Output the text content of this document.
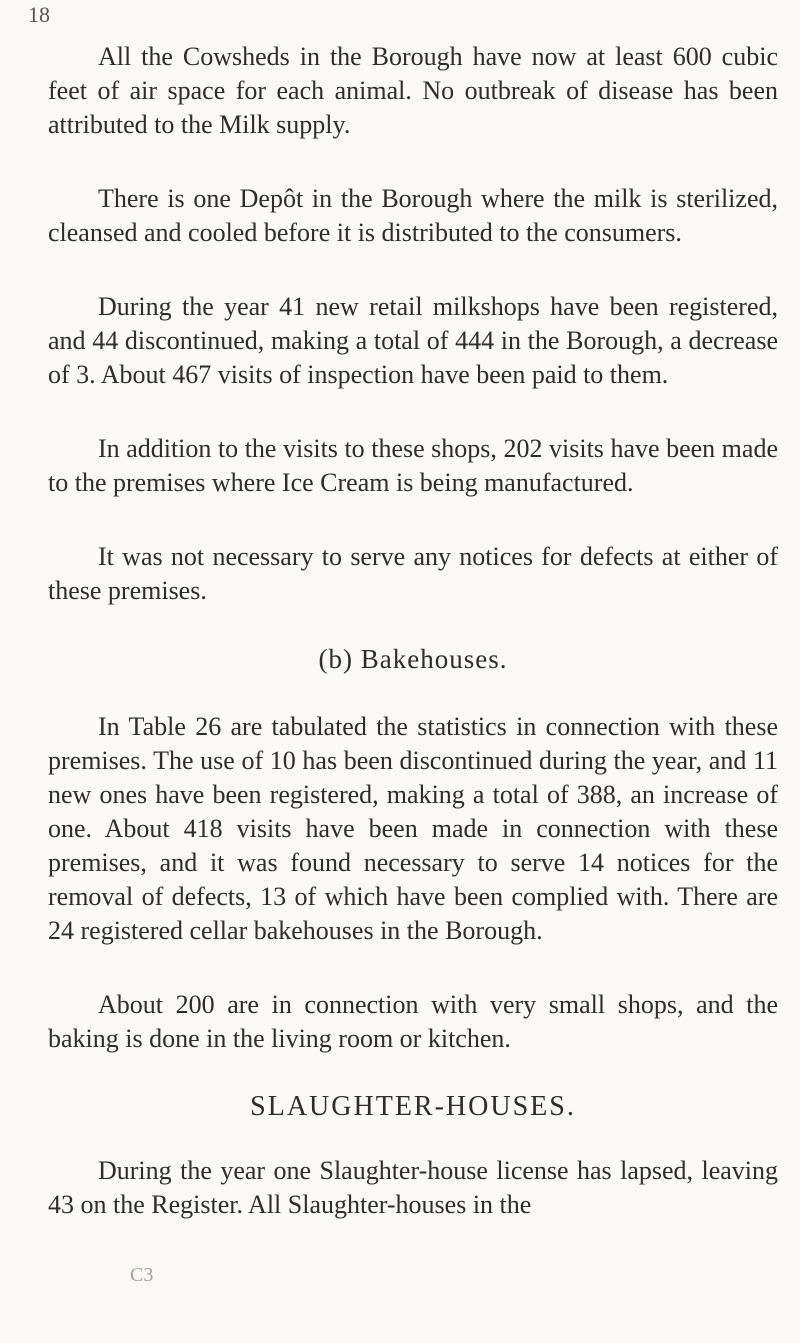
18

All the Cowsheds in the Borough have now at least 600 cubic feet of air space for each animal. No outbreak of disease has been attributed to the Milk supply.

There is one Depôt in the Borough where the milk is sterilized, cleansed and cooled before it is distributed to the consumers.

During the year 41 new retail milkshops have been registered, and 44 discontinued, making a total of 444 in the Borough, a decrease of 3. About 467 visits of inspection have been paid to them.

In addition to the visits to these shops, 202 visits have been made to the premises where Ice Cream is being manufactured.

It was not necessary to serve any notices for defects at either of these premises.

(b) Bakehouses.

In Table 26 are tabulated the statistics in connection with these premises. The use of 10 has been discontinued during the year, and 11 new ones have been registered, making a total of 388, an increase of one. About 418 visits have been made in connection with these premises, and it was found necessary to serve 14 notices for the removal of defects, 13 of which have been complied with. There are 24 registered cellar bakehouses in the Borough.

About 200 are in connection with very small shops, and the baking is done in the living room or kitchen.

SLAUGHTER-HOUSES.

During the year one Slaughter-house license has lapsed, leaving 43 on the Register. All Slaughter-houses in the

C3
